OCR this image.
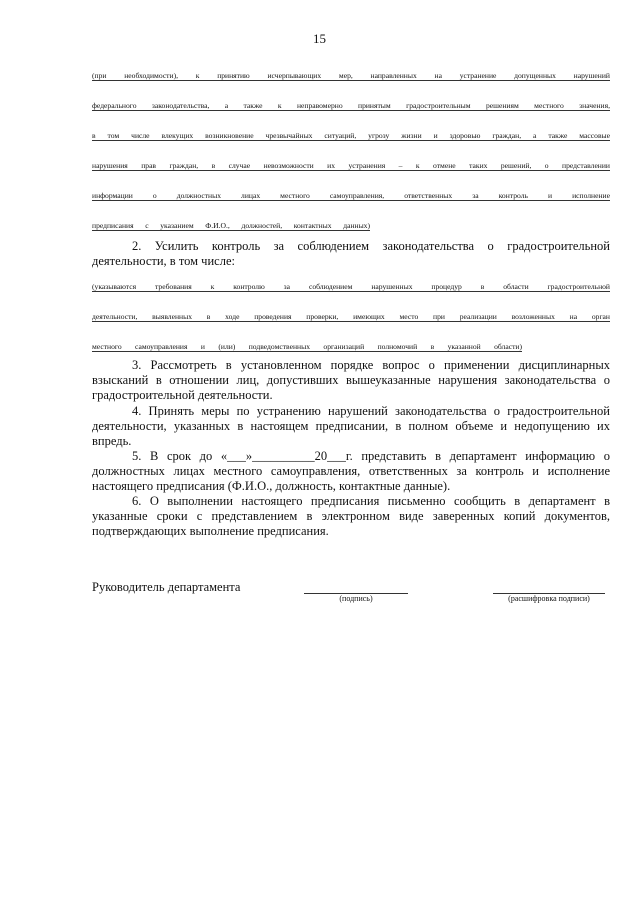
15
(при необходимости), к принятию исчерпывающих мер, направленных на устранение допущенных нарушений
федерального законодательства, а также к неправомерно принятым градостроительным решениям местного значения,
в том числе влекущих возникновение чрезвычайных ситуаций, угрозу жизни и здоровью граждан, а также массовые
нарушения прав граждан, в случае невозможности их устранения – к отмене таких решений, о представлении
информации о должностных лицах местного самоуправления, ответственных за контроль и исполнение
предписания с указанием Ф.И.О., должностей, контактных данных)
2. Усилить контроль за соблюдением законодательства о градостроительной деятельности, в том числе:
(указываются требования к контролю за соблюдением нарушенных процедур в области градостроительной
деятельности, выявленных в ходе проведения проверки, имеющих место при реализации возложенных на орган
местного самоуправления и (или) подведомственных организаций полномочий в указанной области)
3. Рассмотреть в установленном порядке вопрос о применении дисциплинарных взысканий в отношении лиц, допустивших вышеуказанные нарушения законодательства о градостроительной деятельности.
4. Принять меры по устранению нарушений законодательства о градостроительной деятельности, указанных в настоящем предписании, в полном объеме и недопущению их впредь.
5. В срок до «___»__________20___г. представить в департамент информацию о должностных лицах местного самоуправления, ответственных за контроль и исполнение настоящего предписания (Ф.И.О., должность, контактные данные).
6. О выполнении настоящего предписания письменно сообщить в департамент в указанные сроки с представлением в электронном виде заверенных копий документов, подтверждающих выполнение предписания.
Руководитель департамента
(подпись)	(расшифровка подписи)
